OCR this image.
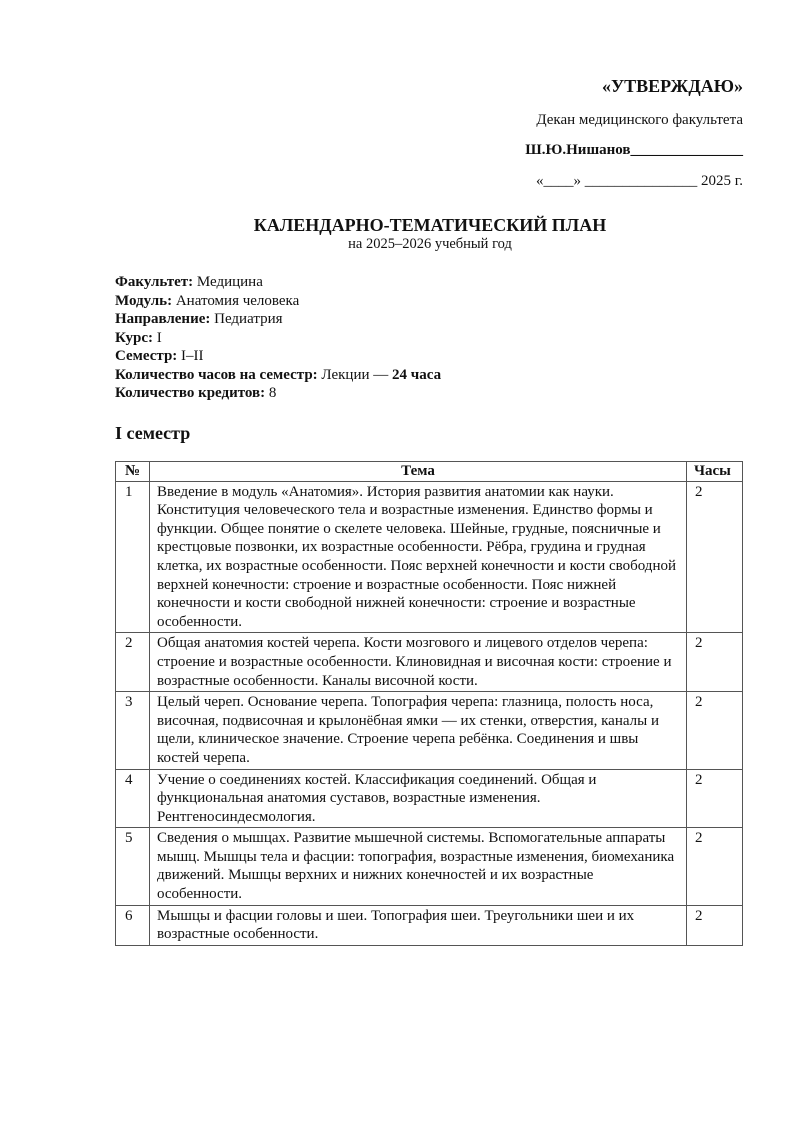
«УТВЕРЖДАЮ»
Декан медицинского факультета
Ш.Ю.Нишанов_______________
«____» _______________ 2025 г.
КАЛЕНДАРНО-ТЕМАТИЧЕСКИЙ ПЛАН
на 2025–2026 учебный год
Факультет: Медицина
Модуль: Анатомия человека
Направление: Педиатрия
Курс: I
Семестр: I–II
Количество часов на семестр: Лекции — 24 часа
Количество кредитов: 8
I семестр
№	Тема	Часы
1	Введение в модуль «Анатомия». История развития анатомии как науки. Конституция человеческого тела и возрастные изменения. Единство формы и функции. Общее понятие о скелете человека. Шейные, грудные, поясничные и крестцовые позвонки, их возрастные особенности. Рёбра, грудина и грудная клетка, их возрастные особенности. Пояс верхней конечности и кости свободной верхней конечности: строение и возрастные особенности. Пояс нижней конечности и кости свободной нижней конечности: строение и возрастные особенности.	2
2	Общая анатомия костей черепа. Кости мозгового и лицевого отделов черепа: строение и возрастные особенности. Клиновидная и височная кости: строение и возрастные особенности. Каналы височной кости.	2
3	Целый череп. Основание черепа. Топография черепа: глазница, полость носа, височная, подвисочная и крылонёбная ямки — их стенки, отверстия, каналы и щели, клиническое значение. Строение черепа ребёнка. Соединения и швы костей черепа.	2
4	Учение о соединениях костей. Классификация соединений. Общая и функциональная анатомия суставов, возрастные изменения. Рентгеносиндесмология.	2
5	Сведения о мышцах. Развитие мышечной системы. Вспомогательные аппараты мышц. Мышцы тела и фасции: топография, возрастные изменения, биомеханика движений. Мышцы верхних и нижних конечностей и их возрастные особенности.	2
6	Мышцы и фасции головы и шеи. Топография шеи. Треугольники шеи и их возрастные особенности.	2
